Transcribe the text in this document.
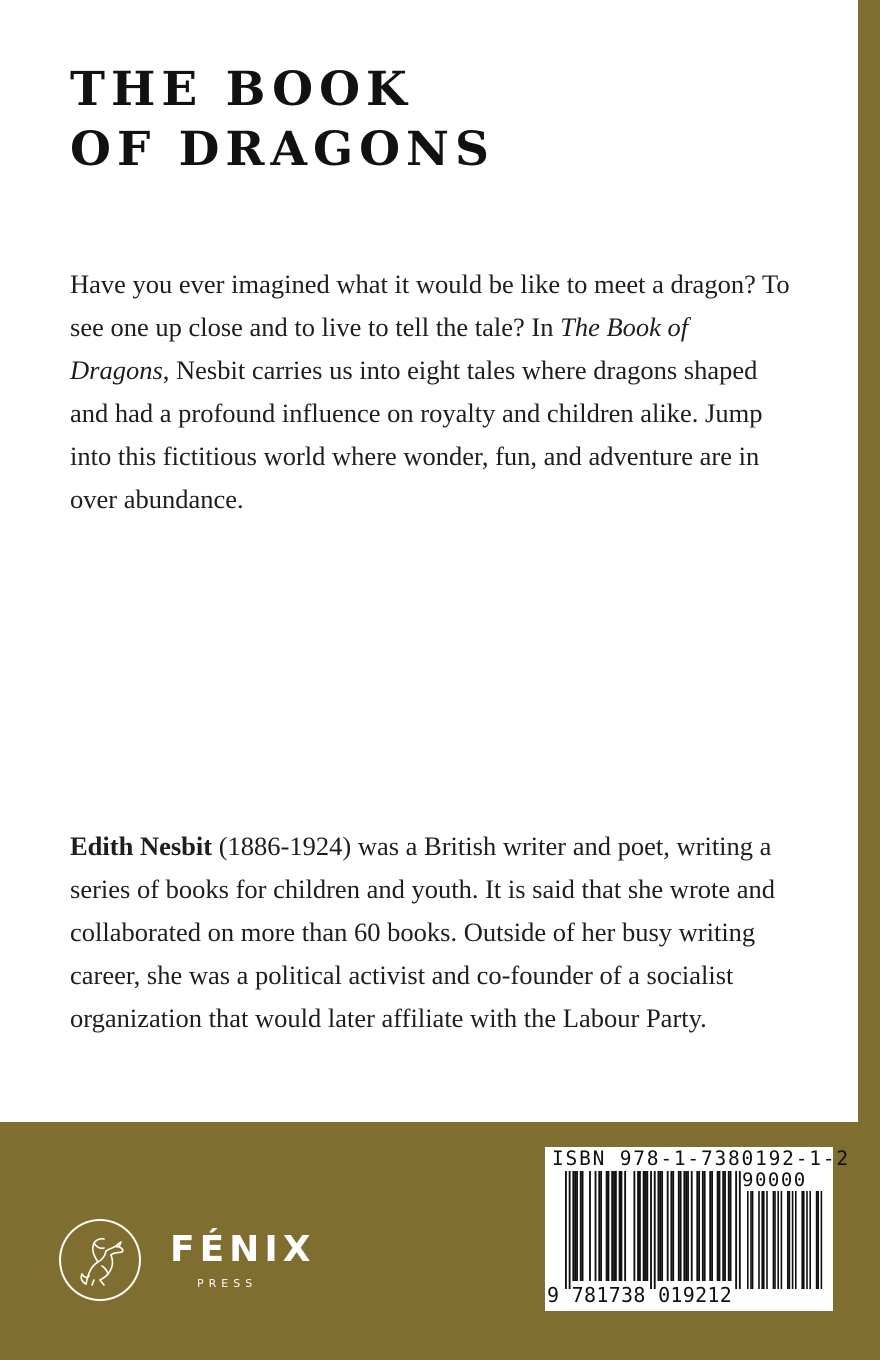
THE BOOK
OF DRAGONS

Have you ever imagined what it would be like to meet a dragon? To see one up close and to live to tell the tale? In The Book of Dragons, Nesbit carries us into eight tales where dragons shaped and had a profound influence on royalty and children alike. Jump into this fictitious world where wonder, fun, and adventure are in over abundance.

Edith Nesbit (1886-1924) was a British writer and poet, writing a series of books for children and youth. It is said that she wrote and collaborated on more than 60 books. Outside of her busy writing career, she was a political activist and co-founder of a socialist organization that would later affiliate with the Labour Party.

FÉNIX
PRESS
ISBN 978-1-7380192-1-2
90000
9 781738 019212
